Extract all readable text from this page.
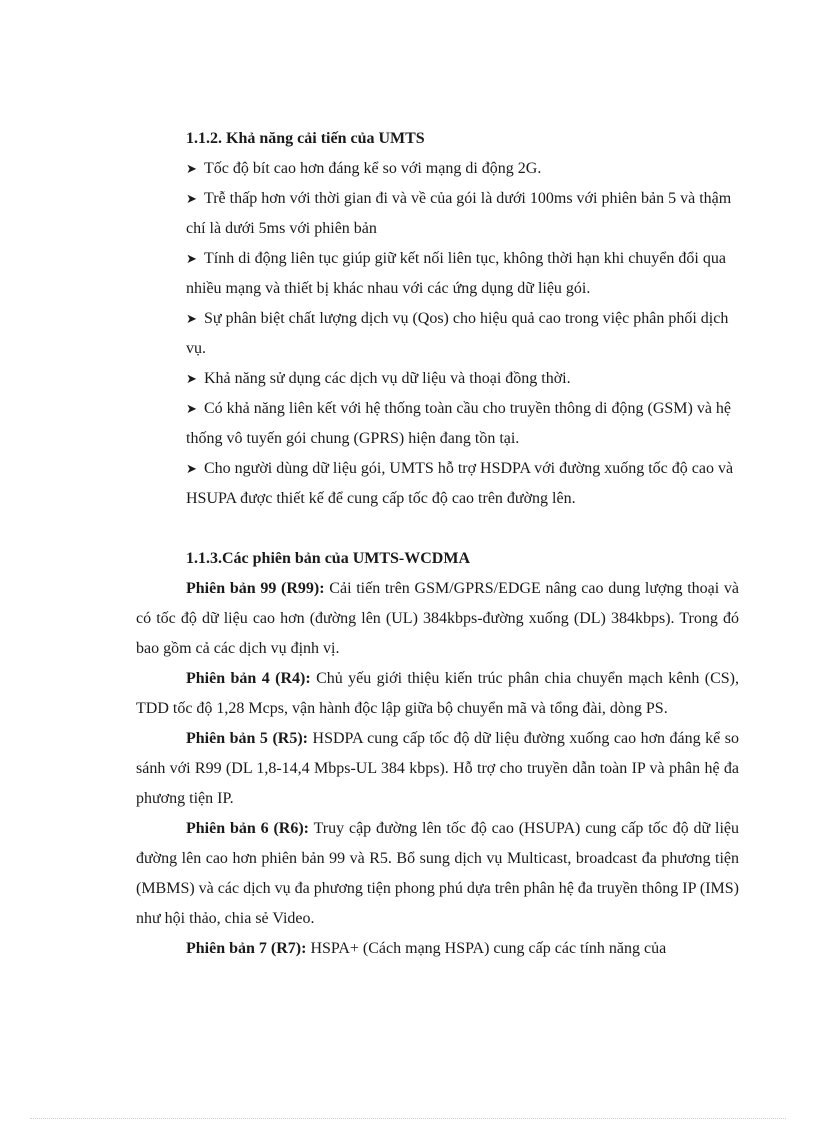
1.1.2. Khả năng cải tiến của UMTS
➤ Tốc độ bít cao hơn đáng kể so với mạng di động 2G.
➤ Trễ thấp hơn với thời gian đi và về của gói là dưới 100ms với phiên bản 5 và thậm chí là dưới 5ms với phiên bản
➤ Tính di động liên tục giúp giữ kết nối liên tục, không thời hạn khi chuyển đổi qua nhiều mạng và thiết bị khác nhau với các ứng dụng dữ liệu gói.
➤ Sự phân biệt chất lượng dịch vụ (Qos) cho hiệu quả cao trong việc phân phối dịch vụ.
➤ Khả năng sử dụng các dịch vụ dữ liệu và thoại đồng thời.
➤ Có khả năng liên kết với hệ thống toàn cầu cho truyền thông di động (GSM) và hệ thống vô tuyến gói chung (GPRS) hiện đang tồn tại.
➤ Cho người dùng dữ liệu gói, UMTS hỗ trợ HSDPA với đường xuống tốc độ cao và HSUPA được thiết kế để cung cấp tốc độ cao trên đường lên.
1.1.3.Các phiên bản của UMTS-WCDMA
Phiên bản 99 (R99): Cải tiến trên GSM/GPRS/EDGE nâng cao dung lượng thoại và có tốc độ dữ liệu cao hơn (đường lên (UL) 384kbps-đường xuống (DL) 384kbps). Trong đó bao gồm cả các dịch vụ định vị.
Phiên bản 4 (R4): Chủ yếu giới thiệu kiến trúc phân chia chuyển mạch kênh (CS), TDD tốc độ 1,28 Mcps, vận hành độc lập giữa bộ chuyển mã và tổng đài, dòng PS.
Phiên bản 5 (R5): HSDPA cung cấp tốc độ dữ liệu đường xuống cao hơn đáng kể so sánh với R99 (DL 1,8-14,4 Mbps-UL 384 kbps). Hỗ trợ cho truyền dẫn toàn IP và phân hệ đa phương tiện IP.
Phiên bản 6 (R6): Truy cập đường lên tốc độ cao (HSUPA) cung cấp tốc độ dữ liệu đường lên cao hơn phiên bản 99 và R5. Bổ sung dịch vụ Multicast, broadcast đa phương tiện (MBMS) và các dịch vụ đa phương tiện phong phú dựa trên phân hệ đa truyền thông IP (IMS) như hội thảo, chia sẻ Video.
Phiên bản 7 (R7): HSPA+ (Cách mạng HSPA) cung cấp các tính năng của
